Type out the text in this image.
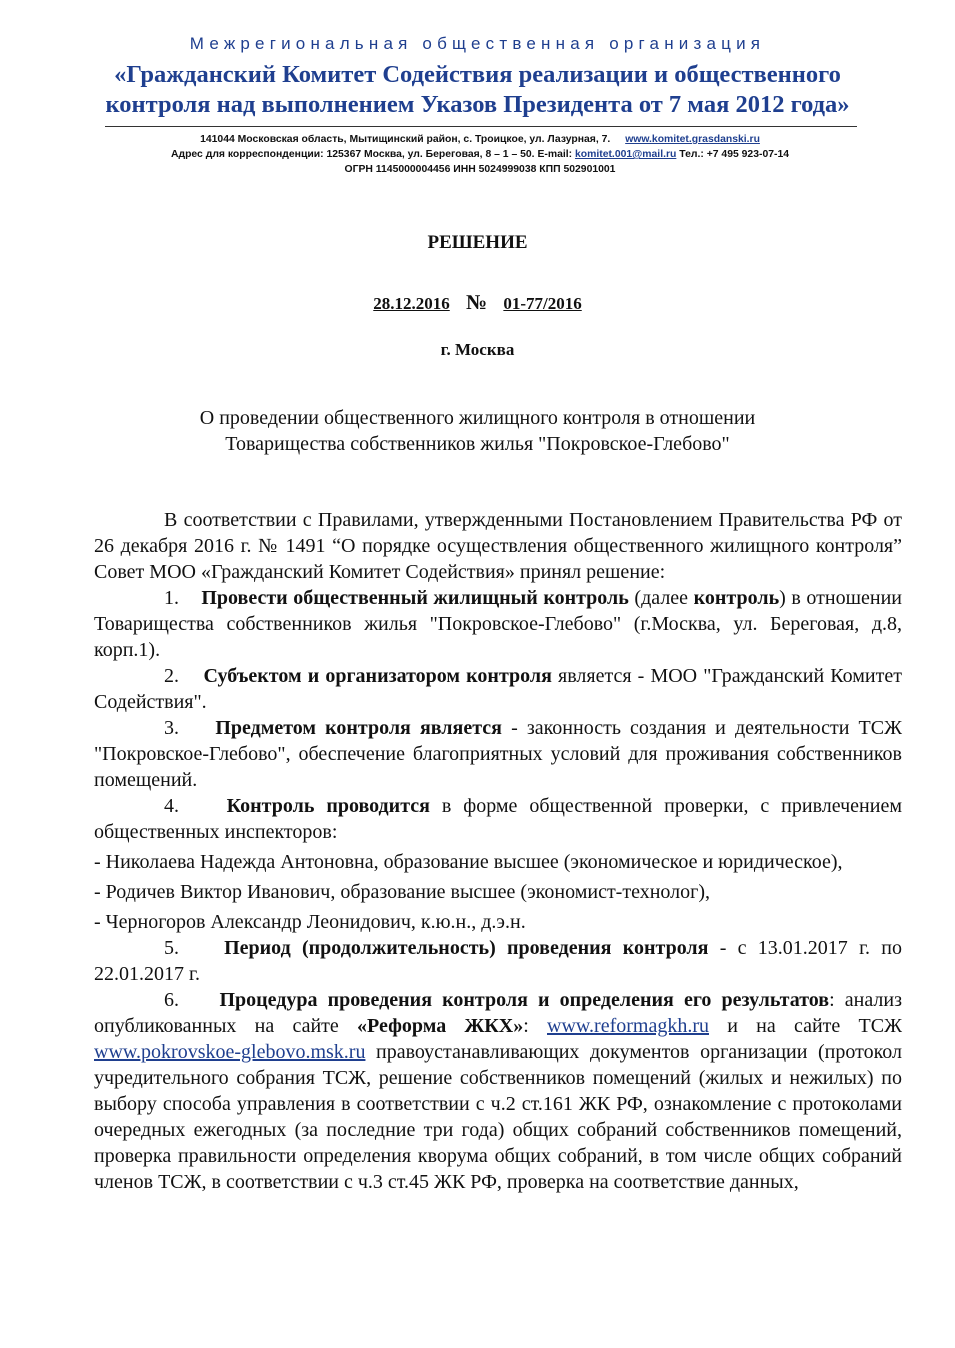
Межрегиональная общественная организация
«Гражданский Комитет Содействия реализации и общественного
контроля над выполнением Указов Президента от 7 мая 2012 года»
141044 Московская область, Мытищинский район, с. Троицкое, ул. Лазурная, 7. www.komitet.grasdanski.ru
Адрес для корреспонденции: 125367 Москва, ул. Береговая, 8 – 1 – 50. E-mail: komitet.001@mail.ru Тел.: +7 495 923-07-14
ОГРН 1145000004456 ИНН 5024999038 КПП 502901001
РЕШЕНИЕ
28.12.2016 № 01-77/2016
г. Москва
О проведении общественного жилищного контроля в отношении
Товарищества собственников жилья "Покровское-Глебово"

В соответствии с Правилами, утвержденными Постановлением Правительства РФ от 26 декабря 2016 г. № 1491 “О порядке осуществления общественного жилищного контроля” Совет МОО «Гражданский Комитет Содействия» принял решение:

1. Провести общественный жилищный контроль (далее контроль) в отношении Товарищества собственников жилья "Покровское-Глебово" (г.Москва, ул. Береговая, д.8, корп.1).

2. Субъектом и организатором контроля является - МОО "Гражданский Комитет Содействия".

3. Предметом контроля является - законность создания и деятельности ТСЖ "Покровское-Глебово", обеспечение благоприятных условий для проживания собственников помещений.

4. Контроль проводится в форме общественной проверки, с привлечением общественных инспекторов:

- Николаева Надежда Антоновна, образование высшее (экономическое и юридическое),

- Родичев Виктор Иванович, образование высшее (экономист-технолог),

- Черногоров Александр Леонидович, к.ю.н., д.э.н.

5. Период (продолжительность) проведения контроля - с 13.01.2017 г. по 22.01.2017 г.

6. Процедура проведения контроля и определения его результатов: анализ опубликованных на сайте «Реформа ЖКХ»: www.reformagkh.ru и на сайте ТСЖ www.pokrovskoe-glebovo.msk.ru правоустанавливающих документов организации (протокол учредительного собрания ТСЖ, решение собственников помещений (жилых и нежилых) по выбору способа управления в соответствии с ч.2 ст.161 ЖК РФ, ознакомление с протоколами очередных ежегодных (за последние три года) общих собраний собственников помещений, проверка правильности определения кворума общих собраний, в том числе общих собраний членов ТСЖ, в соответствии с ч.3 ст.45 ЖК РФ, проверка на соответствие данных,
